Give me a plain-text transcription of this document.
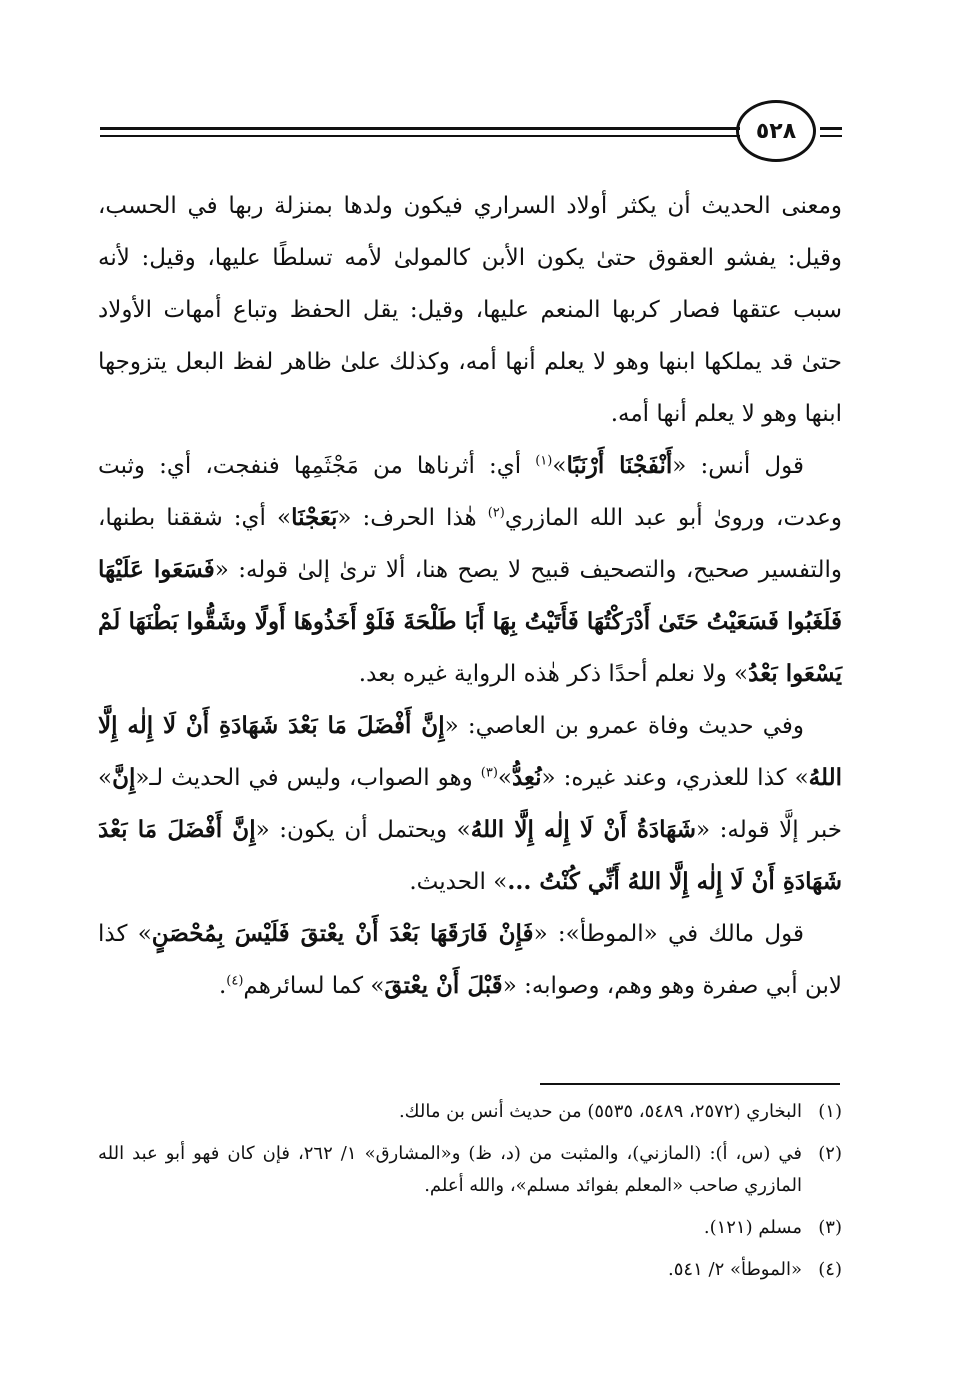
٥٢٨

ومعنى الحديث أن يكثر أولاد السراري فيكون ولدها بمنزلة ربها في الحسب، وقيل: يفشو العقوق حتىٰ يكون الأبن كالمولىٰ لأمه تسلطًا عليها، وقيل: لأنه سبب عتقها فصار كربها المنعم عليها، وقيل: يقل الحفظ وتباع أمهات الأولاد حتىٰ قد يملكها ابنها وهو لا يعلم أنها أمه، وكذلك علىٰ ظاهر لفظ البعل يتزوجها ابنها وهو لا يعلم أنها أمه.

قول أنس: «أَنْفَجْنَا أَرْنَبًا»$^{(١)}$ أي: أثرناها من مَجْثَمِها فنفجت، أي: وثبت وعدت، ورویٰ أبو عبد الله المازري$^{(٢)}$ هٰذا الحرف: «بَعَجْنَا» أي: شققنا بطنها، والتفسير صحيح، والتصحيف قبيح لا يصح هنا، ألا ترىٰ إلىٰ قوله: «فَسَعَوا عَلَيْهَا فَلَغَبُوا فَسَعَيْتُ حَتَىٰ أَدْرَكْتُهَا فَأَتَيْتُ بِهَا أَبَا طَلْحَةَ فَلَوْ أَخَذُوهَا أَولًا وشَقُّوا بَطْنَهَا لَمْ يَسْعَوا بَعْدُ» ولا نعلم أحدًا ذكر هٰذه الرواية غيره بعد.

وفي حديث وفاة عمرو بن العاصي: «إِنَّ أَفْضَلَ مَا بَعْدَ شَهَادَةِ أَنْ لَا إِلٰه إِلَّا اللهُ» كذا للعذري، وعند غيره: «نُعِدُّ»$^{(٣)}$ وهو الصواب، وليس في الحديث لـ«إِنَّ» خبر إلَّا قوله: «شَهَادَةُ أَنْ لَا إِلٰه إِلَّا اللهُ» ويحتمل أن يكون: «إِنَّ أَفْضَلَ مَا بَعْدَ شَهَادَةِ أَنْ لَا إِلٰه إِلَّا اللهُ أَنِّي كُنْتُ ...» الحديث.

قول مالك في «الموطأ»: «فَإِنْ فَارَقَهَا بَعْدَ أَنْ يعْتقَ فَلَيْسَ بِمُحْصَنٍ» كذا لابن أبي صفرة وهو وهم، وصوابه: «قَبْلَ أَنْ يعْتقَ» كما لسائرهم$^{(٤)}$.

(١)
البخاري (٢٥٧٢، ٥٤٨٩، ٥٥٣٥) من حديث أنس بن مالك.
(٢)
في (س، أ): (المازني)، والمثبت من (د، ظ) و«المشارق» ١/ ٢٦٢، فإن كان فهو أبو عبد الله المازري صاحب «المعلم بفوائد مسلم»، والله أعلم.
(٣)
مسلم (١٢١).
(٤)
«الموطأ» ٢/ ٥٤١.
